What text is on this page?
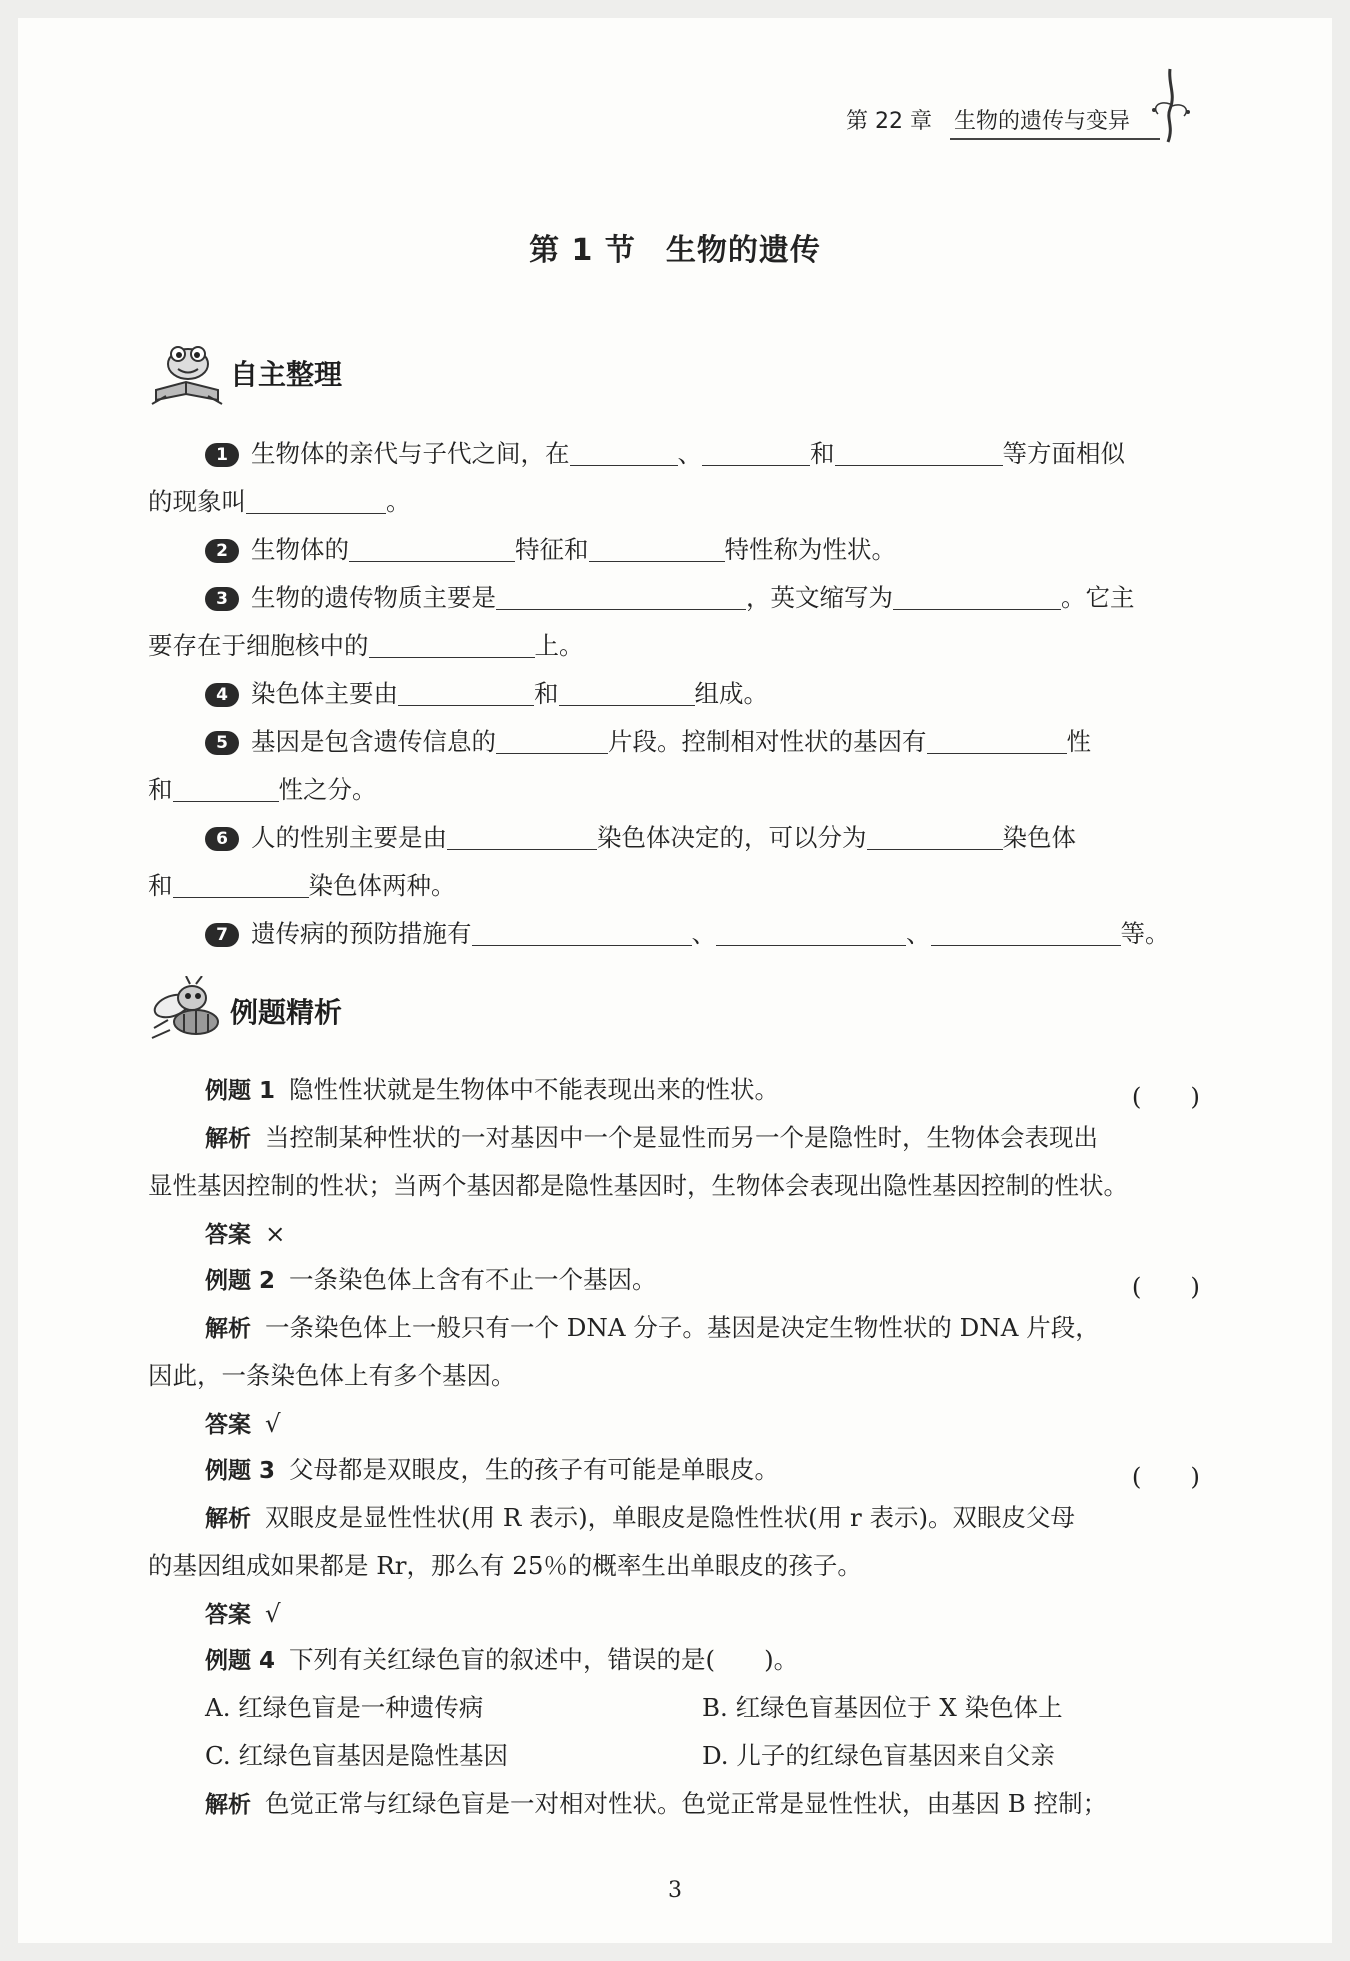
第 22 章　生物的遗传与变异
第 1 节 生物的遗传
自主整理
1 生物体的亲代与子代之间，在	、	和	等方面相似
的现象叫	。
2 生物体的	特征和	特性称为性状。
3 生物的遗传物质主要是	，英文缩写为	。它主
要存在于细胞核中的	上。
4 染色体主要由	和	组成。
5 基因是包含遗传信息的	片段。控制相对性状的基因有	性
和	性之分。
6 人的性别主要是由	染色体决定的，可以分为	染色体
和	染色体两种。
7 遗传病的预防措施有	、	、	等。
例题精析
例题 1 隐性性状就是生物体中不能表现出来的性状。	(　　)
解析 当控制某种性状的一对基因中一个是显性而另一个是隐性时，生物体会表现出
显性基因控制的性状；当两个基因都是隐性基因时，生物体会表现出隐性基因控制的性状。
答案 ×
例题 2 一条染色体上含有不止一个基因。	(　　)
解析 一条染色体上一般只有一个 DNA 分子。基因是决定生物性状的 DNA 片段，
因此，一条染色体上有多个基因。
答案 √
例题 3 父母都是双眼皮，生的孩子有可能是单眼皮。	(　　)
解析 双眼皮是显性性状(用 R 表示)，单眼皮是隐性性状(用 r 表示)。双眼皮父母
的基因组成如果都是 Rr，那么有 25％的概率生出单眼皮的孩子。
答案 √
例题 4 下列有关红绿色盲的叙述中，错误的是(　　)。
A. 红绿色盲是一种遗传病	B. 红绿色盲基因位于 X 染色体上
C. 红绿色盲基因是隐性基因	D. 儿子的红绿色盲基因来自父亲
解析 色觉正常与红绿色盲是一对相对性状。色觉正常是显性性状，由基因 B 控制；
3
